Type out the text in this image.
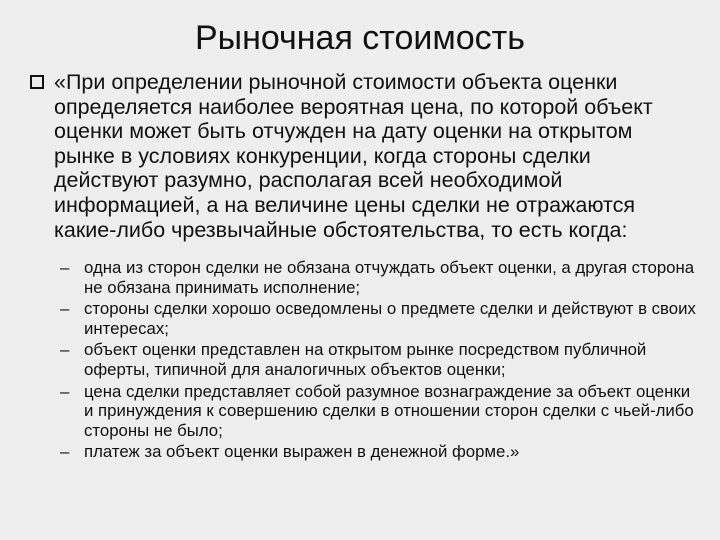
Рыночная стоимость

«При определении рыночной стоимости объекта оценки определяется наиболее вероятная цена, по которой объект оценки может быть отчужден на дату оценки на открытом рынке в условиях конкуренции, когда стороны сделки действуют разумно, располагая всей необходимой информацией, а на величине цены сделки не отражаются какие-либо чрезвычайные обстоятельства, то есть когда:

– одна из сторон сделки не обязана отчуждать объект оценки, а другая сторона не обязана принимать исполнение;
– стороны сделки хорошо осведомлены о предмете сделки и действуют в своих интересах;
– объект оценки представлен на открытом рынке посредством публичной оферты, типичной для аналогичных объектов оценки;
– цена сделки представляет собой разумное вознаграждение за объект оценки и принуждения к совершению сделки в отношении сторон сделки с чьей-либо стороны не было;
– платеж за объект оценки выражен в денежной форме.»
